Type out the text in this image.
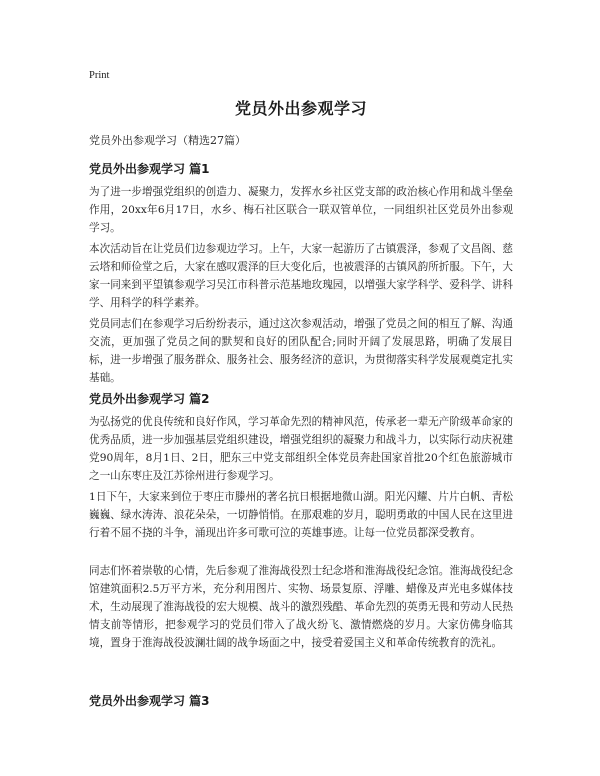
Print
党员外出参观学习
党员外出参观学习（精选27篇）
党员外出参观学习 篇1
为了进一步增强党组织的创造力、凝聚力，发挥水乡社区党支部的政治核心作用和战斗堡垒作用，20xx年6月17日，水乡、梅石社区联合一联双管单位，一同组织社区党员外出参观学习。
本次活动旨在让党员们边参观边学习。上午，大家一起游历了古镇震泽，参观了文昌阁、慈云塔和师俭堂之后，大家在感叹震泽的巨大变化后，也被震泽的古镇风韵所折服。下午，大家一同来到平望镇参观学习吴江市科普示范基地玫瑰园，以增强大家学科学、爱科学、讲科学、用科学的科学素养。
党员同志们在参观学习后纷纷表示，通过这次参观活动，增强了党员之间的相互了解、沟通交流，更加强了党员之间的默契和良好的团队配合;同时开阔了发展思路，明确了发展目标，进一步增强了服务群众、服务社会、服务经济的意识，为贯彻落实科学发展观奠定扎实基础。
党员外出参观学习 篇2
为弘扬党的优良传统和良好作风，学习革命先烈的精神风范，传承老一辈无产阶级革命家的优秀品质，进一步加强基层党组织建设，增强党组织的凝聚力和战斗力，以实际行动庆祝建党90周年，8月1日、2日，肥东三中党支部组织全体党员奔赴国家首批20个红色旅游城市之一山东枣庄及江苏徐州进行参观学习。
1日下午，大家来到位于枣庄市滕州的著名抗日根据地微山湖。阳光闪耀、片片白帆、青松巍巍、绿水涛涛、浪花朵朵，一切静悄悄。在那艰难的岁月，聪明勇敢的中国人民在这里进行着不屈不挠的斗争，涌现出许多可歌可泣的英雄事迹。让每一位党员都深受教育。
同志们怀着崇敬的心情，先后参观了淮海战役烈士纪念塔和淮海战役纪念馆。淮海战役纪念馆建筑面积2.5万平方米，充分利用图片、实物、场景复原、浮雕、蜡像及声光电多媒体技术，生动展现了淮海战役的宏大规模、战斗的激烈残酷、革命先烈的英勇无畏和劳动人民热情支前等情形，把参观学习的党员们带入了战火纷飞、激情燃烧的岁月。大家仿佛身临其境，置身于淮海战役波澜壮阔的战争场面之中，接受着爱国主义和革命传统教育的洗礼。
党员外出参观学习 篇3
